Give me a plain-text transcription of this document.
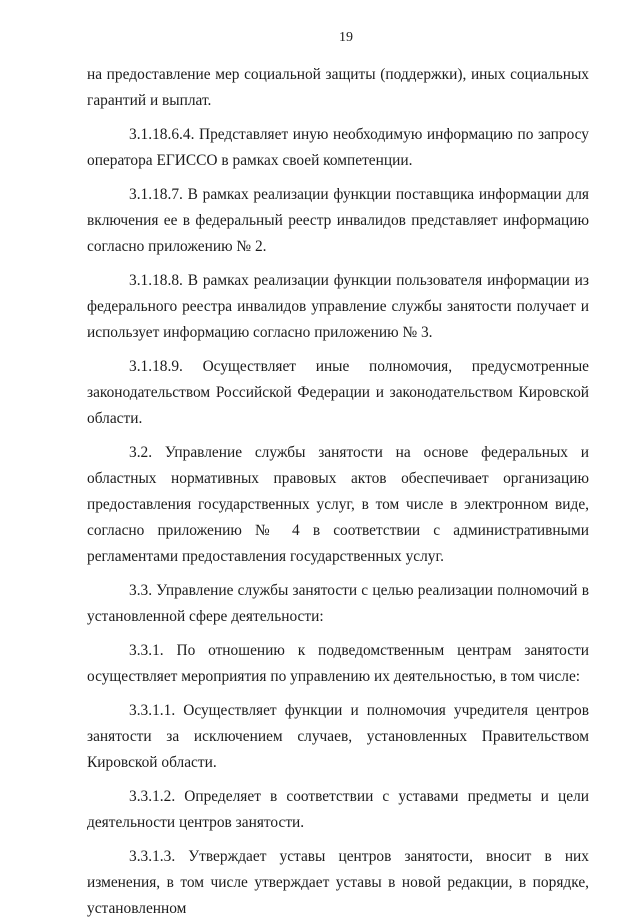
19

на предоставление мер социальной защиты (поддержки), иных социальных гарантий и выплат.

3.1.18.6.4. Представляет иную необходимую информацию по запросу оператора ЕГИССО в рамках своей компетенции.

3.1.18.7. В рамках реализации функции поставщика информации для включения ее в федеральный реестр инвалидов представляет информацию согласно приложению № 2.

3.1.18.8. В рамках реализации функции пользователя информации из федерального реестра инвалидов управление службы занятости получает и использует информацию согласно приложению № 3.

3.1.18.9. Осуществляет иные полномочия, предусмотренные законодательством Российской Федерации и законодательством Кировской области.

3.2. Управление службы занятости на основе федеральных и областных нормативных правовых актов обеспечивает организацию предоставления государственных услуг, в том числе в электронном виде, согласно приложению № 4 в соответствии с административными регламентами предоставления государственных услуг.

3.3. Управление службы занятости с целью реализации полномочий в установленной сфере деятельности:

3.3.1. По отношению к подведомственным центрам занятости осуществляет мероприятия по управлению их деятельностью, в том числе:

3.3.1.1. Осуществляет функции и полномочия учредителя центров занятости за исключением случаев, установленных Правительством Кировской области.

3.3.1.2. Определяет в соответствии с уставами предметы и цели деятельности центров занятости.

3.3.1.3. Утверждает уставы центров занятости, вносит в них изменения, в том числе утверждает уставы в новой редакции, в порядке, установленном
